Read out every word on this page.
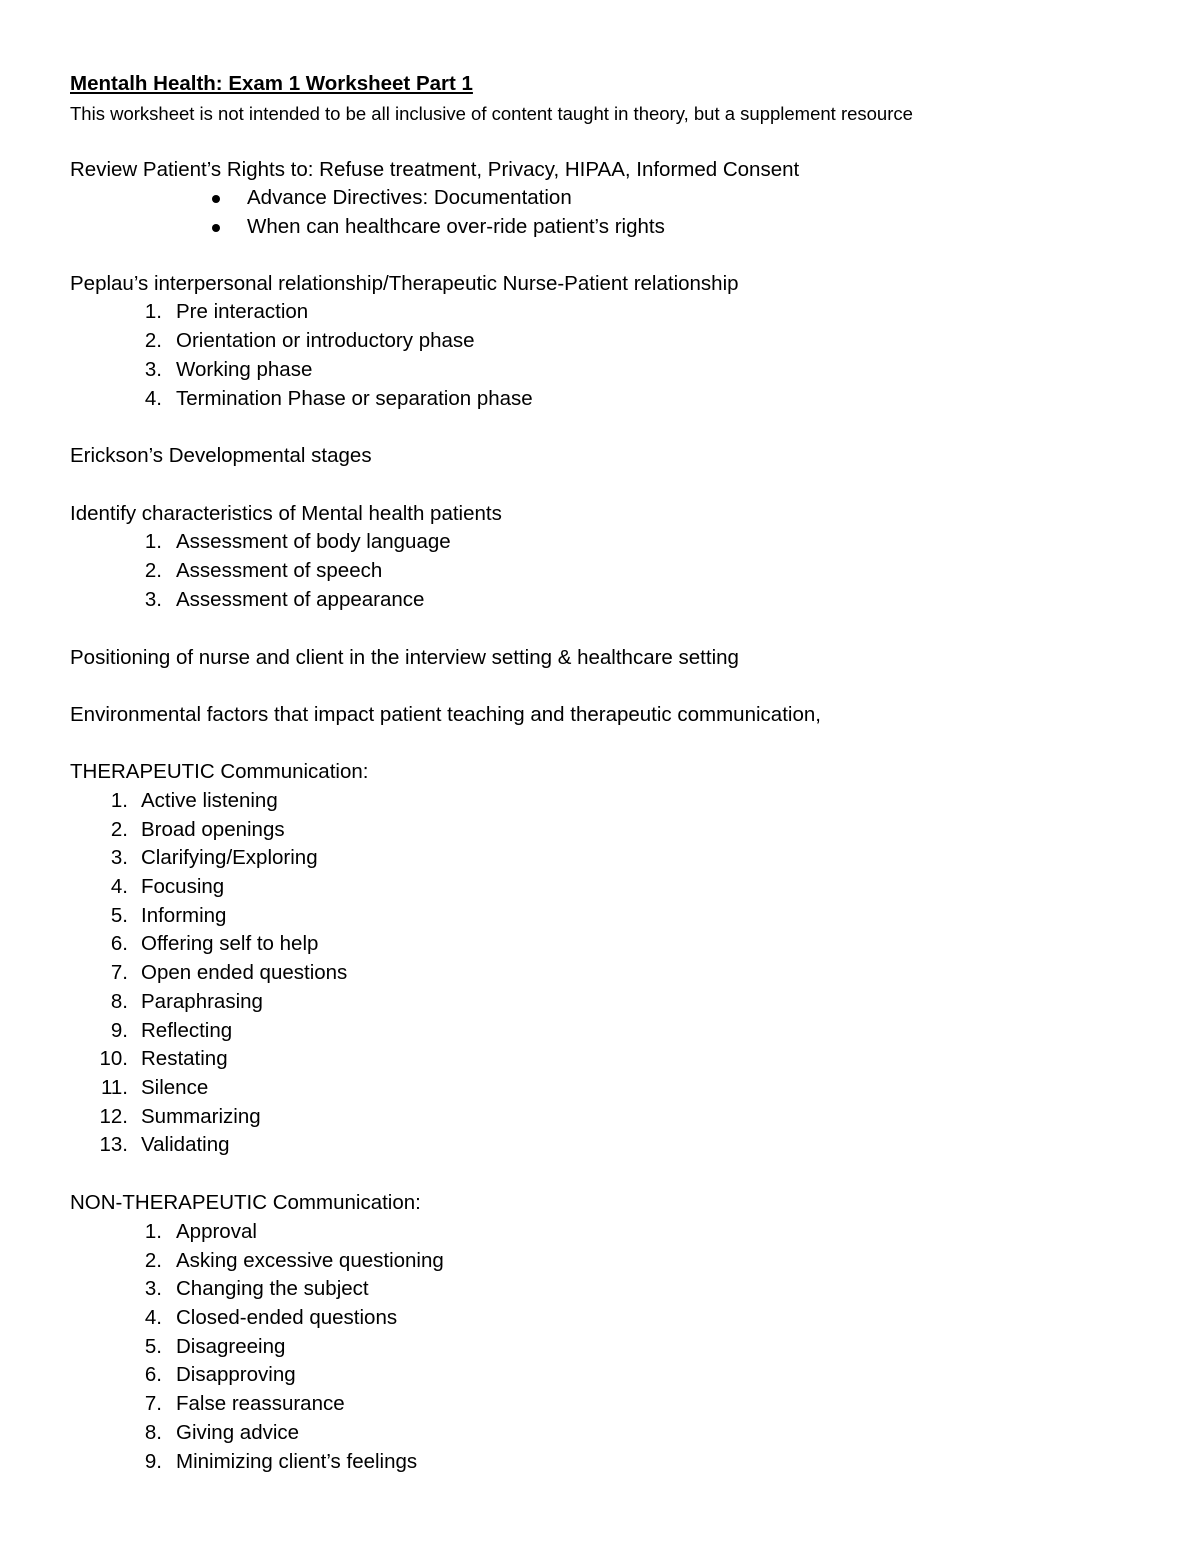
Mentalh Health: Exam 1 Worksheet Part 1
This worksheet is not intended to be all inclusive of content taught in theory, but a supplement resource
Review Patient’s Rights to: Refuse treatment, Privacy, HIPAA, Informed Consent
Advance Directives: Documentation
When can healthcare over-ride patient’s rights
Peplau’s interpersonal relationship/Therapeutic Nurse-Patient relationship
1. Pre interaction
2. Orientation or introductory phase
3. Working phase
4. Termination Phase or separation phase
Erickson’s Developmental stages
Identify characteristics of Mental health patients
1. Assessment of body language
2. Assessment of speech
3. Assessment of appearance
Positioning of nurse and client in the interview setting & healthcare setting
Environmental factors that impact patient teaching and therapeutic communication,
THERAPEUTIC Communication:
1. Active listening
2. Broad openings
3. Clarifying/Exploring
4. Focusing
5. Informing
6. Offering self to help
7. Open ended questions
8. Paraphrasing
9. Reflecting
10. Restating
11. Silence
12. Summarizing
13. Validating
NON-THERAPEUTIC Communication:
1. Approval
2. Asking excessive questioning
3. Changing the subject
4. Closed-ended questions
5. Disagreeing
6. Disapproving
7. False reassurance
8. Giving advice
9. Minimizing client’s feelings
